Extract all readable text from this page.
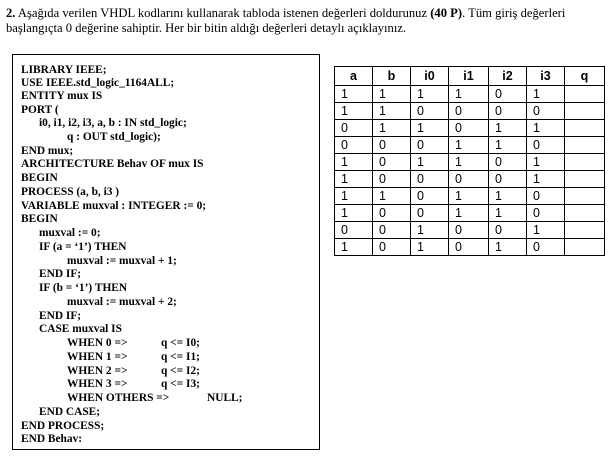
2. Aşağıda verilen VHDL kodlarını kullanarak tabloda istenen değerleri doldurunuz (40 P). Tüm giriş değerleri başlangıçta 0 değerine sahiptir. Her bir bitin aldığı değerleri detaylı açıklayınız.
LIBRARY IEEE;
USE IEEE.std_logic_1164ALL;
ENTITY mux IS
PORT (
i0, i1, i2, i3, a, b : IN std_logic;
q : OUT std_logic);
END mux;
ARCHITECTURE Behav OF mux IS
BEGIN
PROCESS (a, b, i3 )
VARIABLE muxval : INTEGER := 0;
BEGIN
muxval := 0;
IF (a = ‘1’) THEN
muxval := muxval + 1;
END IF;
IF (b = ‘1’) THEN
muxval := muxval + 2;
END IF;
CASE muxval IS
WHEN 0 =>	q <= I0;
WHEN 1 =>	q <= I1;
WHEN 2 =>	q <= I2;
WHEN 3 =>	q <= I3;
WHEN OTHERS =>	NULL;
END CASE;
END PROCESS;
END Behav:
a	b	i0	i1	i2	i3	q
1	1	1	1	0	1	
1	1	0	0	0	0	
0	1	1	0	1	1	
0	0	0	1	1	0	
1	0	1	1	0	1	
1	0	0	0	0	1	
1	1	0	1	1	0	
1	0	0	1	1	0	
0	0	1	0	0	1	
1	0	1	0	1	0	
